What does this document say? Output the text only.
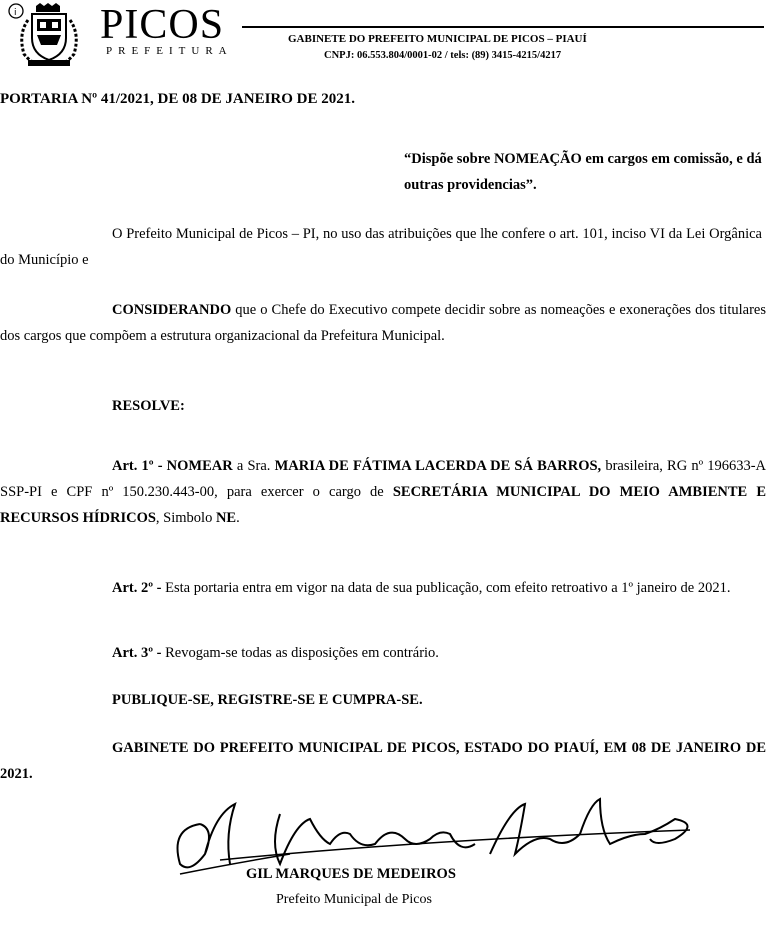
i PICOS
PREFEITURA
GABINETE DO PREFEITO MUNICIPAL DE PICOS – PIAUÍ
CNPJ: 06.553.804/0001-02 / tels: (89) 3415-4215/4217
PORTARIA Nº 41/2021, DE 08 DE JANEIRO DE 2021.
“Dispõe sobre NOMEAÇÃO em cargos em comissão, e dá outras providencias”.
O Prefeito Municipal de Picos – PI, no uso das atribuições que lhe confere o art. 101, inciso VI da Lei Orgânica do Município e
CONSIDERANDO que o Chefe do Executivo compete decidir sobre as nomeações e exonerações dos titulares dos cargos que compõem a estrutura organizacional da Prefeitura Municipal.
RESOLVE:
Art. 1º - NOMEAR a Sra. MARIA DE FÁTIMA LACERDA DE SÁ BARROS, brasileira, RG nº 196633-A SSP-PI e CPF nº 150.230.443-00, para exercer o cargo de SECRETÁRIA MUNICIPAL DO MEIO AMBIENTE E RECURSOS HÍDRICOS, Simbolo NE.
Art. 2º - Esta portaria entra em vigor na data de sua publicação, com efeito retroativo a 1º janeiro de 2021.
Art. 3º - Revogam-se todas as disposições em contrário.
PUBLIQUE-SE, REGISTRE-SE E CUMPRA-SE.
GABINETE DO PREFEITO MUNICIPAL DE PICOS, ESTADO DO PIAUÍ, EM 08 DE JANEIRO DE 2021.
GIL MARQUES DE MEDEIROS
Prefeito Municipal de Picos
